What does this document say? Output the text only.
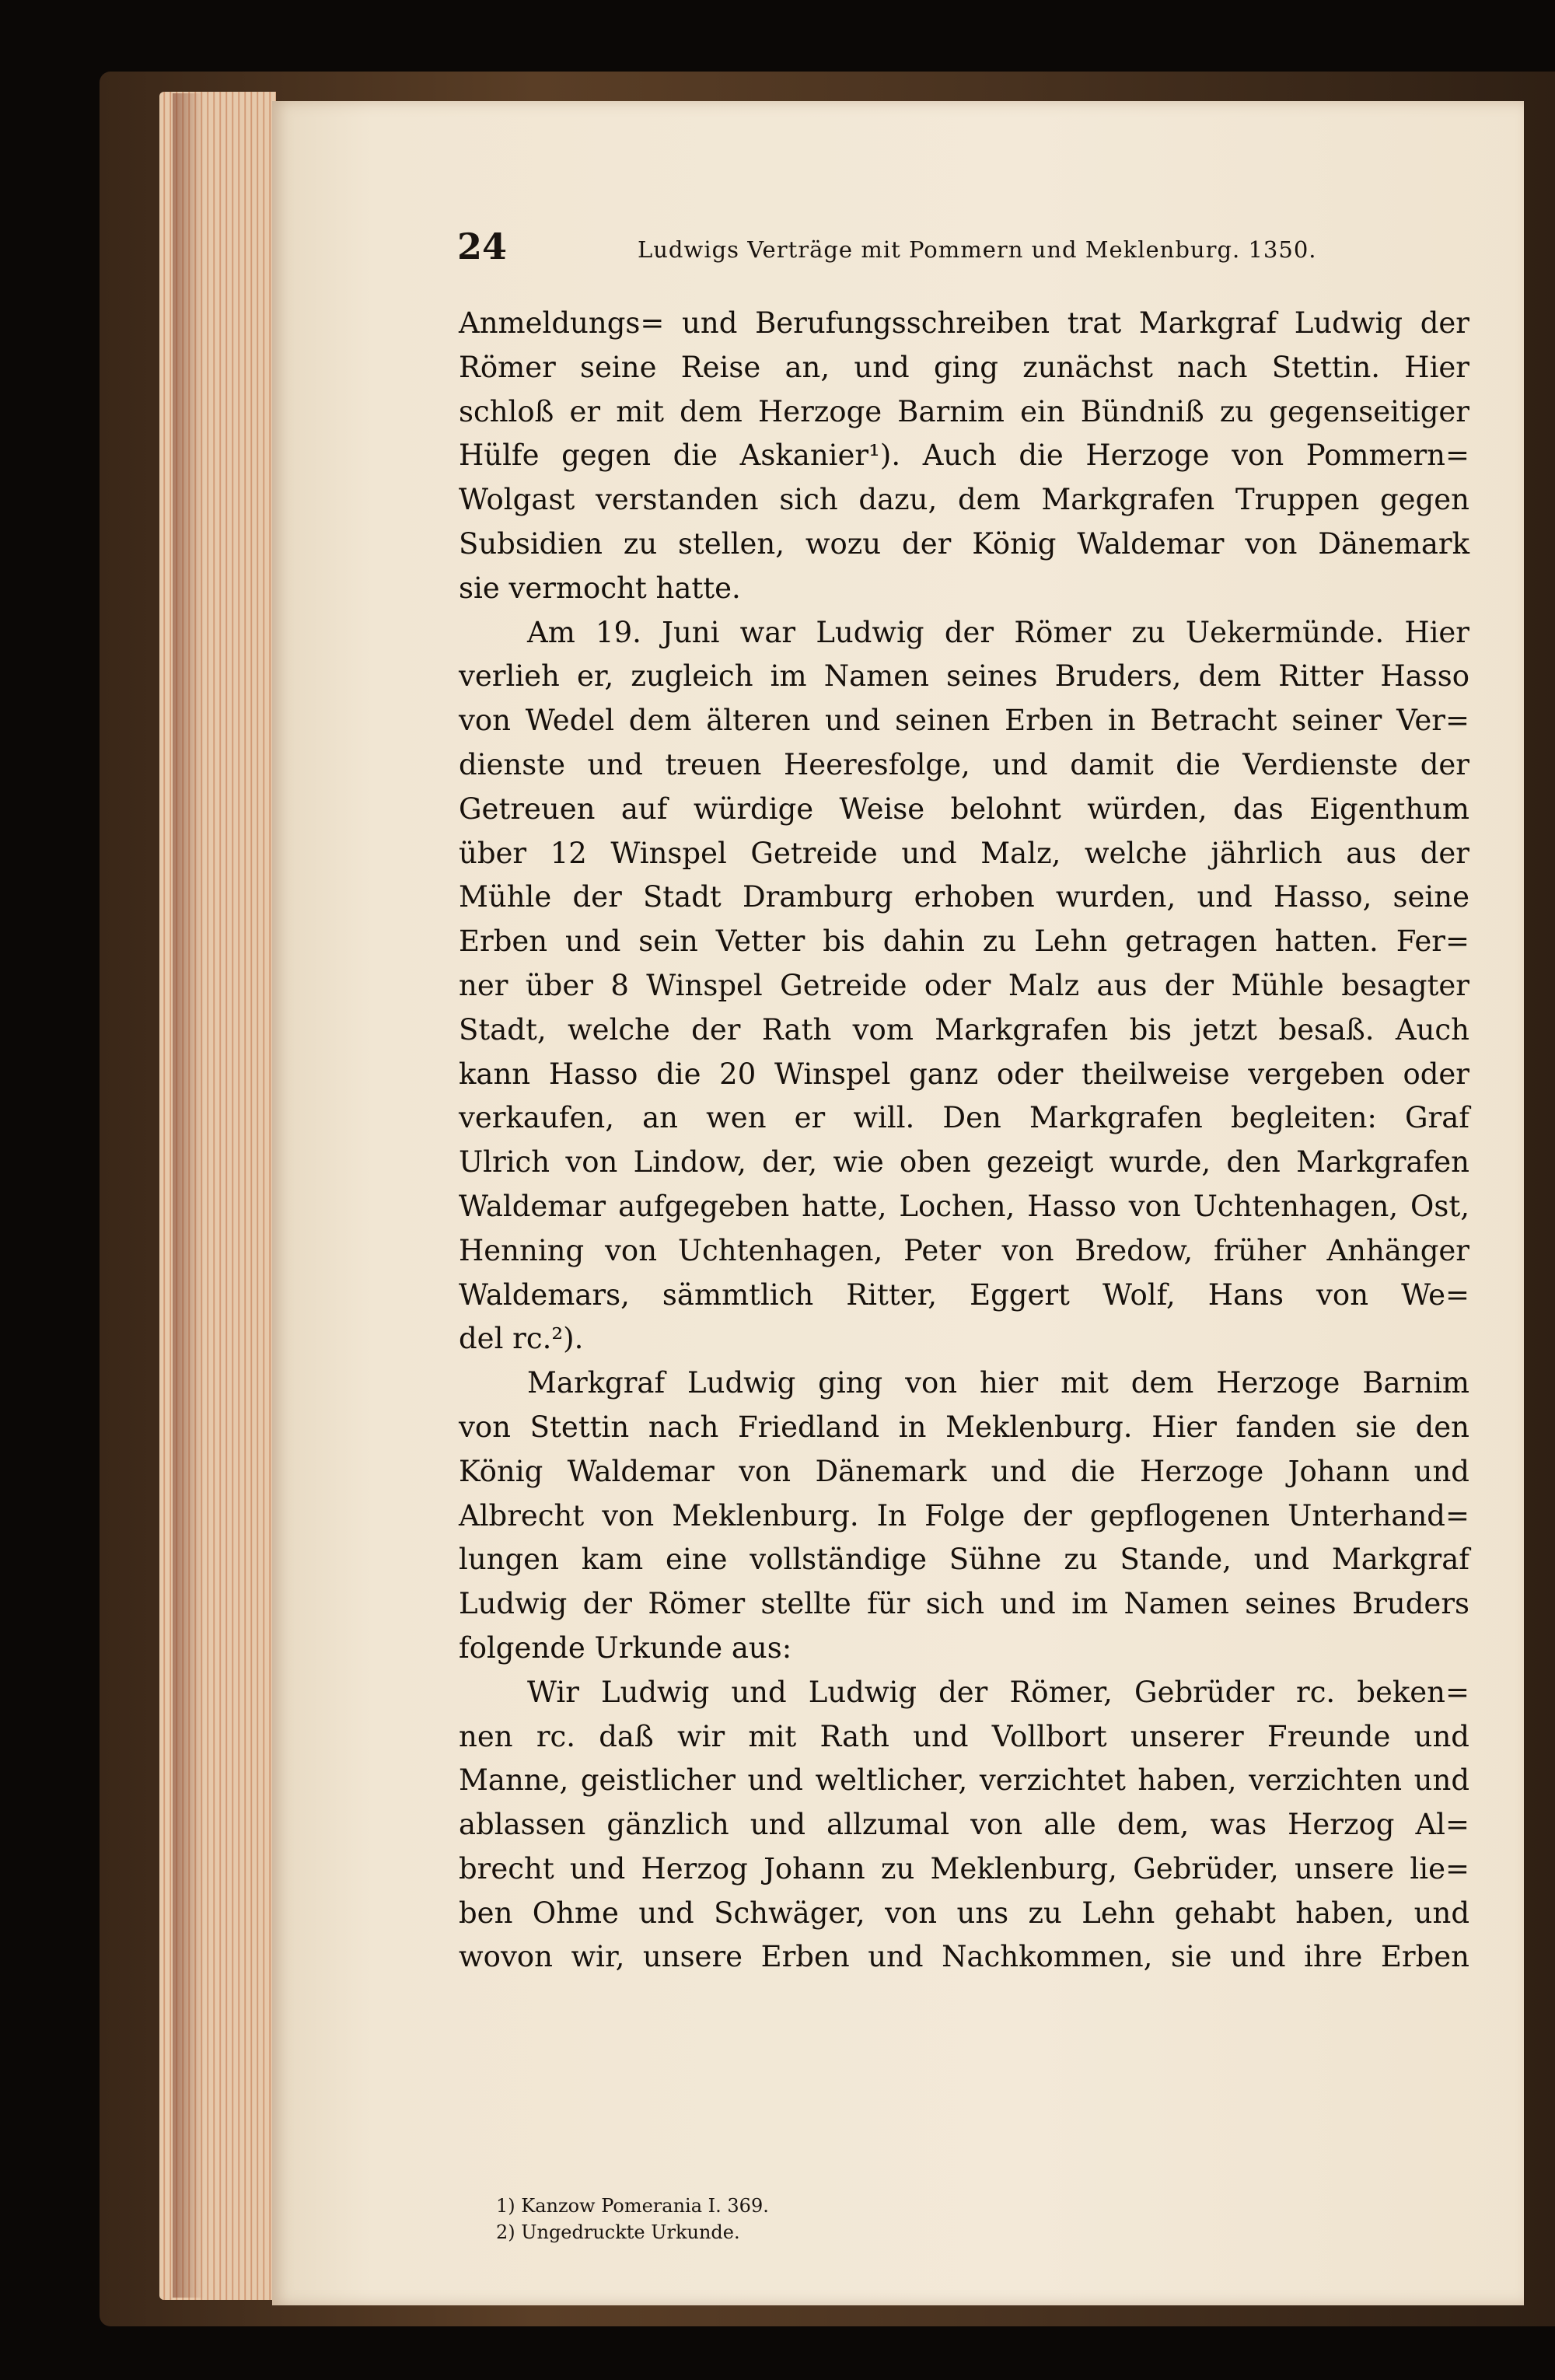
24	Ludwigs Verträge mit Pommern und Meklenburg. 1350.

Anmeldungs= und Berufungsschreiben trat Markgraf Ludwig der
Römer seine Reise an, und ging zunächst nach Stettin. Hier
schloß er mit dem Herzoge Barnim ein Bündniß zu gegenseitiger
Hülfe gegen die Askanier¹). Auch die Herzoge von Pommern=
Wolgast verstanden sich dazu, dem Markgrafen Truppen gegen
Subsidien zu stellen, wozu der König Waldemar von Dänemark
sie vermocht hatte.

Am 19. Juni war Ludwig der Römer zu Uekermünde. Hier
verlieh er, zugleich im Namen seines Bruders, dem Ritter Hasso
von Wedel dem älteren und seinen Erben in Betracht seiner Ver=
dienste und treuen Heeresfolge, und damit die Verdienste der
Getreuen auf würdige Weise belohnt würden, das Eigenthum
über 12 Winspel Getreide und Malz, welche jährlich aus der
Mühle der Stadt Dramburg erhoben wurden, und Hasso, seine
Erben und sein Vetter bis dahin zu Lehn getragen hatten. Fer=
ner über 8 Winspel Getreide oder Malz aus der Mühle besagter
Stadt, welche der Rath vom Markgrafen bis jetzt besaß. Auch
kann Hasso die 20 Winspel ganz oder theilweise vergeben oder
verkaufen, an wen er will. Den Markgrafen begleiten: Graf
Ulrich von Lindow, der, wie oben gezeigt wurde, den Markgrafen
Waldemar aufgegeben hatte, Lochen, Hasso von Uchtenhagen, Ost,
Henning von Uchtenhagen, Peter von Bredow, früher Anhänger
Waldemars, sämmtlich Ritter, Eggert Wolf, Hans von We=
del rc.²).

Markgraf Ludwig ging von hier mit dem Herzoge Barnim
von Stettin nach Friedland in Meklenburg. Hier fanden sie den
König Waldemar von Dänemark und die Herzoge Johann und
Albrecht von Meklenburg. In Folge der gepflogenen Unterhand=
lungen kam eine vollständige Sühne zu Stande, und Markgraf
Ludwig der Römer stellte für sich und im Namen seines Bruders
folgende Urkunde aus:

Wir Ludwig und Ludwig der Römer, Gebrüder rc. beken=
nen rc. daß wir mit Rath und Vollbort unserer Freunde und
Manne, geistlicher und weltlicher, verzichtet haben, verzichten und
ablassen gänzlich und allzumal von alle dem, was Herzog Al=
brecht und Herzog Johann zu Meklenburg, Gebrüder, unsere lie=
ben Ohme und Schwäger, von uns zu Lehn gehabt haben, und
wovon wir, unsere Erben und Nachkommen, sie und ihre Erben

1) Kanzow Pomerania I. 369.
2) Ungedruckte Urkunde.
